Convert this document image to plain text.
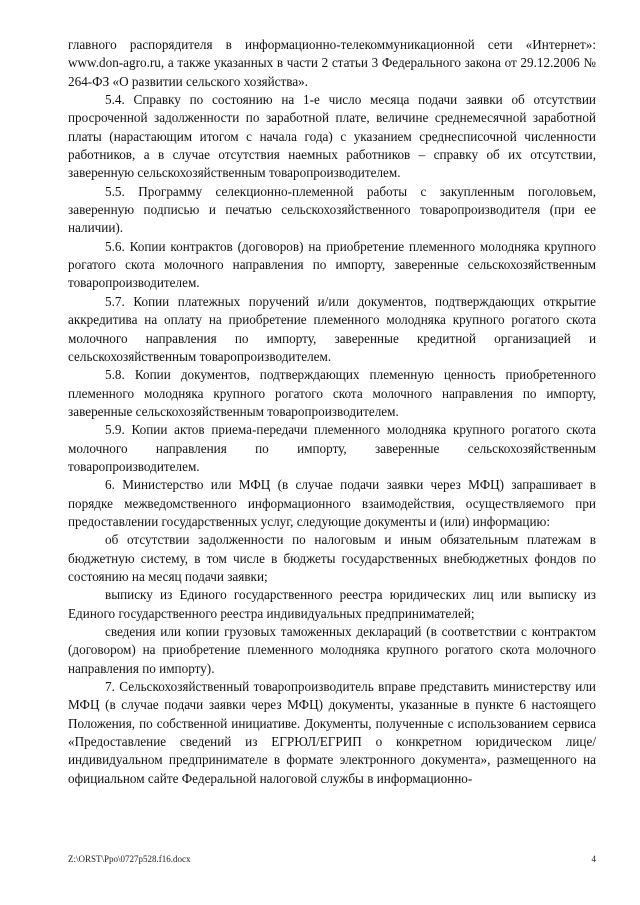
главного распорядителя в информационно-телекоммуникационной сети «Интернет»: www.don-agro.ru, а также указанных в части 2 статьи 3 Федерального закона от 29.12.2006 № 264-ФЗ «О развитии сельского хозяйства».

5.4. Справку по состоянию на 1-е число месяца подачи заявки об отсутствии просроченной задолженности по заработной плате, величине среднемесячной заработной платы (нарастающим итогом с начала года) с указанием среднесписочной численности работников, а в случае отсутствия наемных работников – справку об их отсутствии, заверенную сельскохозяйственным товаропроизводителем.

5.5. Программу селекционно-племенной работы с закупленным поголовьем, заверенную подписью и печатью сельскохозяйственного товаропроизводителя (при ее наличии).

5.6. Копии контрактов (договоров) на приобретение племенного молодняка крупного рогатого скота молочного направления по импорту, заверенные сельскохозяйственным товаропроизводителем.

5.7. Копии платежных поручений и/или документов, подтверждающих открытие аккредитива на оплату на приобретение племенного молодняка крупного рогатого скота молочного направления по импорту, заверенные кредитной организацией и сельскохозяйственным товаропроизводителем.

5.8. Копии документов, подтверждающих племенную ценность приобретенного племенного молодняка крупного рогатого скота молочного направления по импорту, заверенные сельскохозяйственным товаропроизводителем.

5.9. Копии актов приема-передачи племенного молодняка крупного рогатого скота молочного направления по импорту, заверенные сельскохозяйственным товаропроизводителем.

6. Министерство или МФЦ (в случае подачи заявки через МФЦ) запрашивает в порядке межведомственного информационного взаимодействия, осуществляемого при предоставлении государственных услуг, следующие документы и (или) информацию:

об отсутствии задолженности по налоговым и иным обязательным платежам в бюджетную систему, в том числе в бюджеты государственных внебюджетных фондов по состоянию на месяц подачи заявки;

выписку из Единого государственного реестра юридических лиц или выписку из Единого государственного реестра индивидуальных предпринимателей;

сведения или копии грузовых таможенных деклараций (в соответствии с контрактом (договором) на приобретение племенного молодняка крупного рогатого скота молочного направления по импорту).

7. Сельскохозяйственный товаропроизводитель вправе представить министерству или МФЦ (в случае подачи заявки через МФЦ) документы, указанные в пункте 6 настоящего Положения, по собственной инициативе. Документы, полученные с использованием сервиса «Предоставление сведений из ЕГРЮЛ/ЕГРИП о конкретном юридическом лице/индивидуальном предпринимателе в формате электронного документа», размещенного на официальном сайте Федеральной налоговой службы в информационно-

Z:\ORST\Ppo\0727p528.f16.docx	4
